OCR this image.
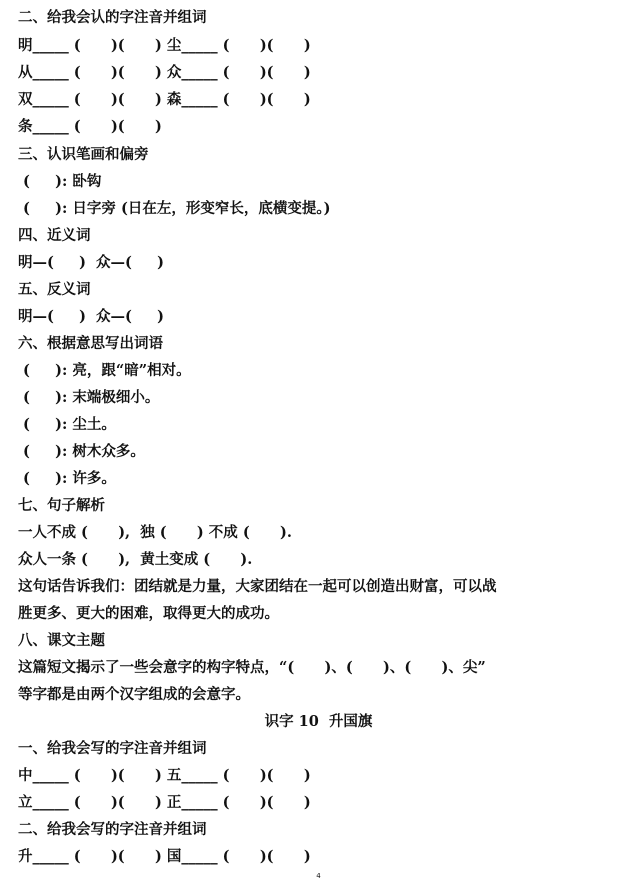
二、给我会认的字注音并组词
明_____ (      )(      ) 尘_____ (      )(      )
从_____ (      )(      ) 众_____ (      )(      )
双_____ (      )(      ) 森_____ (      )(      )
条_____ (      )(      )
三、认识笔画和偏旁
(     ): 卧钩
(     ): 日字旁 (日在左，形变窄长，底横变提。)
四、近义词
明—(     )  众—(     )
五、反义词
明—(     )  众—(     )
六、根据意思写出词语
(     ): 亮，跟“暗”相对。
(     ): 末端极细小。
(     ): 尘土。
(     ): 树木众多。
(     ): 许多。
七、句子解析
一人不成 (      ),  独 (      ) 不成 (      ).
众人一条 (      ),  黄土变成 (      ).
这句话告诉我们：团结就是力量，大家团结在一起可以创造出财富，可以战
胜更多、更大的困难，取得更大的成功。
八、课文主题
这篇短文揭示了一些会意字的构字特点，“(      )、(      )、(      )、尖”
等字都是由两个汉字组成的会意字。
识字 10  升国旗
一、给我会写的字注音并组词
中_____ (      )(      ) 五_____ (      )(      )
立_____ (      )(      ) 正_____ (      )(      )
二、给我会写的字注音并组词
升_____ (      )(      ) 国_____ (      )(      )
4
